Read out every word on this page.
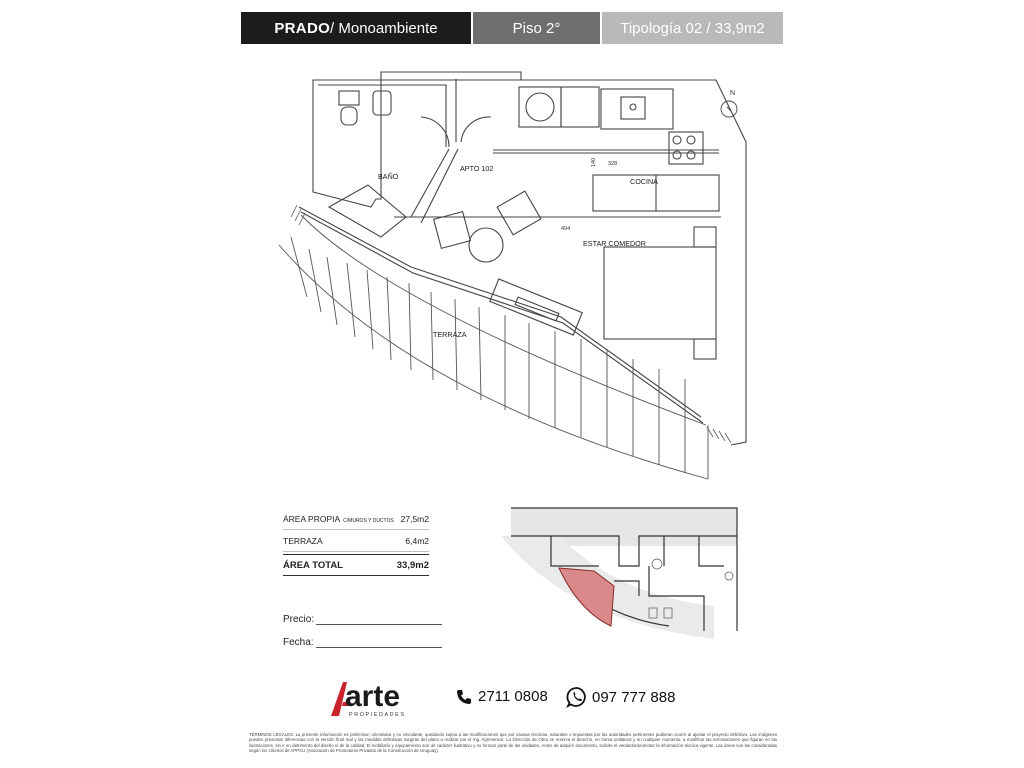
PRADO / Monoambiente	Piso 2°	Tipología 02 / 33,9m2
N
BAÑO
APTO 102
COCINA
ESTAR COMEDOR
TERRAZA
140 328
494
ÁREA PROPIA C/MUROS Y DUCTOS 27,5m2
TERRAZA	6,4m2
ÁREA TOTAL	33,9m2
Precio:
Fecha:
arte
PROPIEDADES
2711 0808	097 777 888

TÉRMINOS LEGALES: La presente información es preliminar, orientativa y no vinculante, quedando sujeta a las modificaciones que por causas técnicas, naturales o impuestas por las autoridades pertinentes pudieran ocurrir al ajustar el proyecto definitivo. Las imágenes pueden presentar diferencias con la versión final real y las medidas definitivas surgirán del plano a realizar por el Ing. Agrimensor. La Dirección de Obra se reserva el derecho, en forma unilateral y en cualquier momento, a modificar las terminaciones que figuran en las ilustraciones, sin ir en detrimento del diseño ni de la calidad. El mobiliario y equipamiento son de carácter ilustrativo y no forman parte de las unidades. Antes de adquirir documento, solicite el vendedor/promotor la información técnica vigente. Las áreas son las consideradas según los criterios de APPCU (Asociación de Promotores Privados de la Construcción de Uruguay).
